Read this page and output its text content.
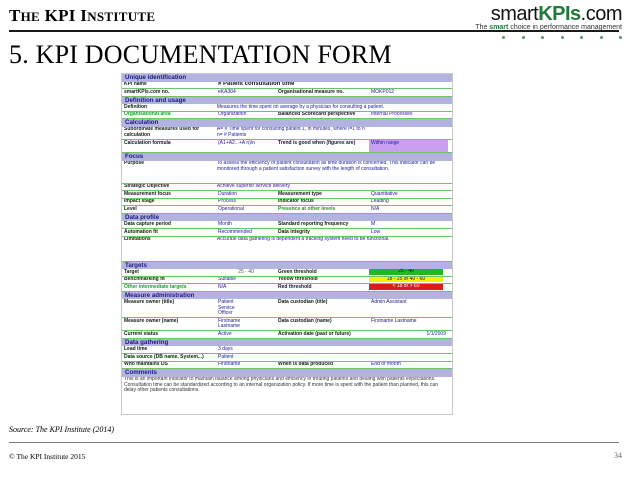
THE KPI INSTITUTE	smartKPIs.com
The smart choice in performance management
5. KPI DOCUMENTATION FORM
Unique identification
KPI name	# Patient consultation time
smartKPIs.com no.	eKA304	Organisational measure no.	MOKP012
Definition and usage
Definition	Measures the time spent on average by a physician for consulting a patient.
Organisational area	Organization	Balanced Scorecard perspective	Internal Processes
Calculation
Subordinate measures used for calculation
A= # Time spent for consulting patient 1, in minutes, where i=1 to n
n= # Patients
Calculation formula	(A1+A2...+A n)/n	Trend is good when (figures are)	Within range
Focus
Purpose	To assess the efficiency of patient consultation as time duration is concerned. This indicator can be monitored through a patient satisfaction survey with the length of consultation.
Strategic Objective	Achieve superior service delivery
Measurement focus	Duration	Measurement type	Quantitative
Impact stage	Process	Indicator focus	Leading
Level	Operational	Presence at other levels	N/A
Data profile
Data capture period	Month	Standard reporting frequency	M
Automation fit	Recommended	Data integrity	Low
Limitations	Accurate data gathering is dependent a tracking system need to be functional.
Targets
Target	25 - 40	Green threshold	25 - 40
Benchmarking fit	Suitable	Yellow threshold	18 - 25 or 40 - 60
Other intermediate targets	N/A	Red threshold	< 18 or > 60
Measure administration
Measure owner (title)	Patient Service Officer
Data custodian (title)	Admin Assistant
Measure owner (name)	Firstname Lastname
Data custodian (name)	Firstname Lastname
Current status	Active	Activation date (past or future)	1/1/2009
Data gathering
Lead time	3 days
Data source (DB name, System...)	Patient
Who maintains DS	Firstname	When is data produced	End of month
Comments
This is an important indicator to maintain balance among physicians and efficiency in treating patients and dealing with patients expectations. Consultation time can be standardized according to an internal organization policy. If more time is spent with the patient than planned, this can delay other patients consultations.
Source: The KPI Institute (2014)
© The KPI Institute 2015	34
